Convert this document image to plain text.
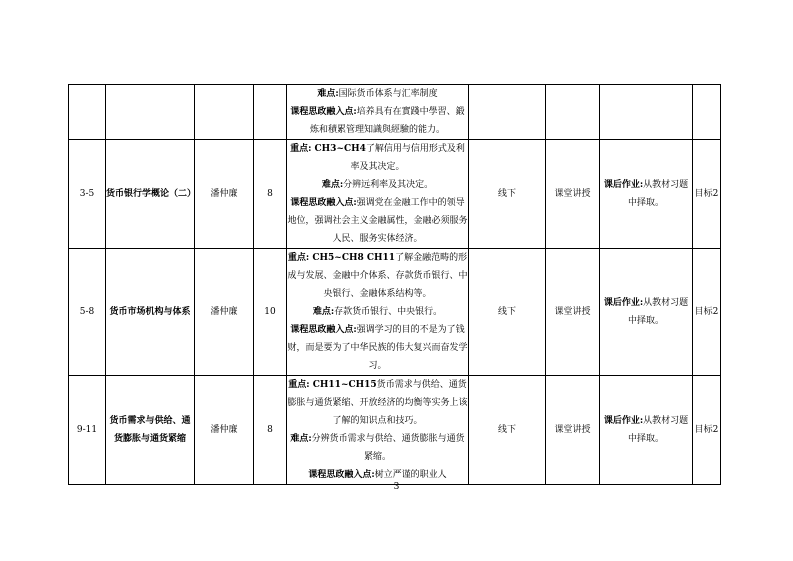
				难点:国际货币体系与汇率制度

课程思政融入点:培养具有在實踐中學習、鍛炼和積累管理知識與經驗的能力。				

3-5	货币银行学概论（二）	潘仲廉	8	重点: CH3~CH4了解信用与信用形式及利率及其决定。

难点:分辨远利率及其决定。

课程思政融入点:强调党在金融工作中的领导地位，强调社会主义金融属性，金融必须服务人民、服务实体经济。	线下	课堂讲授	课后作业:从教材习题中择取。	目标2
5-8	货币市场机构与体系	潘仲廉	10	重点: CH5~CH8 CH11了解金融范畴的形成与发展、金融中介体系、存款货币银行、中央银行、金融体系结构等。

难点:存款货币银行、中央银行。

课程思政融入点:强调学习的目的不是为了钱财，而是要为了中华民族的伟大复兴而奋发学习。	线下	课堂讲授	课后作业:从教材习题中择取。	目标2
9-11	货币需求与供给、通货膨胀与通货紧缩	潘仲廉	8	重点: CH11~CH15货币需求与供给、通货膨胀与通货紧缩、开放经济的均衡等实务上该了解的知识点和技巧。

难点:分辨货币需求与供给、通货膨胀与通货紧缩。

课程思政融入点:树立严谨的职业人	线下	课堂讲授	课后作业:从教材习题中择取。	目标2
3
